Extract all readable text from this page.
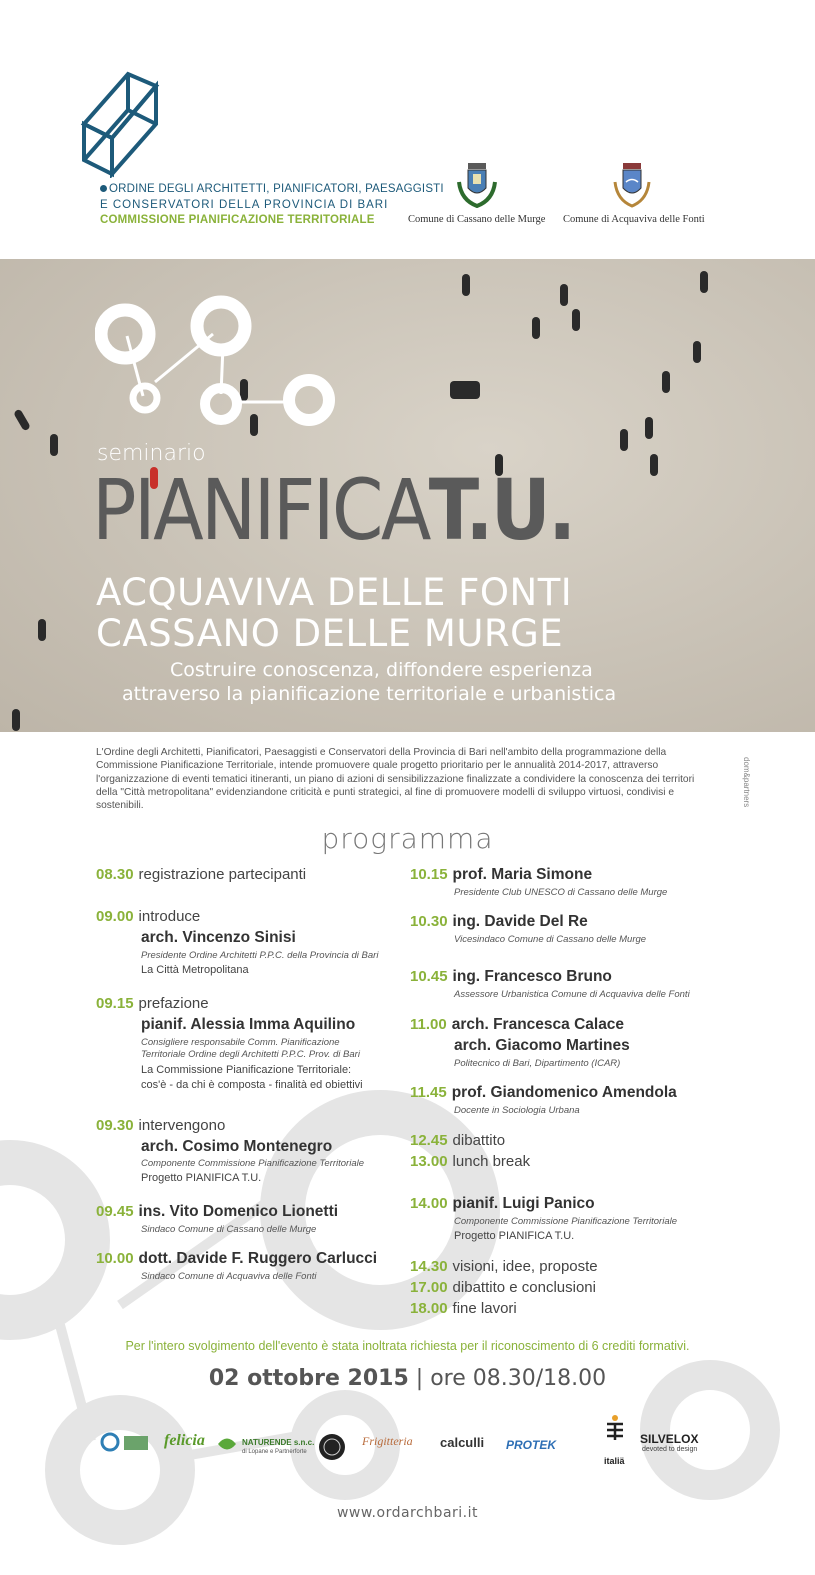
ORDINE DEGLI ARCHITETTI, PIANIFICATORI, PAESAGGISTI
E CONSERVATORI DELLA PROVINCIA DI BARI
COMMISSIONE PIANIFICAZIONE TERRITORIALE	Comune di Cassano delle Murge Comune di Acquaviva delle Fonti
seminario
PIANIFICAT.U.
ACQUAVIVA DELLE FONTI
CASSANO DELLE MURGE
Costruire conoscenza, diffondere esperienza
attraverso la pianificazione territoriale e urbanistica
L'Ordine degli Architetti, Pianificatori, Paesaggisti e Conservatori della Provincia di Bari nell'ambito della programmazione della Commissione Pianificazione Territoriale, intende promuovere quale progetto prioritario per le annualità 2014-2017, attraverso l'organizzazione di eventi tematici itineranti, un piano di azioni di sensibilizzazione finalizzate a condividere la conoscenza dei territori della "Città metropolitana" evidenziandone criticità e punti strategici, al fine di promuovere modelli di sviluppo virtuosi, condivisi e sostenibili.	dom&partners
programma
08.30 registrazione partecipanti
09.00 introduce
arch. Vincenzo Sinisi
Presidente Ordine Architetti P.P.C. della Provincia di Bari
La Città Metropolitana
09.15 prefazione
pianif. Alessia Imma Aquilino
Consigliere responsabile Comm. Pianificazione
Territoriale Ordine degli Architetti P.P.C. Prov. di Bari
La Commissione Pianificazione Territoriale:
cos'è - da chi è composta - finalità ed obiettivi
09.30 intervengono
arch. Cosimo Montenegro
Componente Commissione Pianificazione Territoriale
Progetto PIANIFICA T.U.
09.45 ins. Vito Domenico Lionetti
Sindaco Comune di Cassano delle Murge
10.00 dott. Davide F. Ruggero Carlucci
Sindaco Comune di Acquaviva delle Fonti
10.15 prof. Maria Simone
Presidente Club UNESCO di Cassano delle Murge
10.30 ing. Davide Del Re
Vicesindaco Comune di Cassano delle Murge
10.45 ing. Francesco Bruno
Assessore Urbanistica Comune di Acquaviva delle Fonti
11.00 arch. Francesca Calace
arch. Giacomo Martines
Politecnico di Bari, Dipartimento (ICAR)
11.45 prof. Giandomenico Amendola
Docente in Sociologia Urbana
12.45 dibattito
13.00 lunch break
14.00 pianif. Luigi Panico
Componente Commissione Pianificazione Territoriale
Progetto PIANIFICA T.U.
14.30 visioni, idee, proposte
17.00 dibattito e conclusioni
18.00 fine lavori
Per l'intero svolgimento dell'evento è stata inoltrata richiesta per il riconoscimento di 6 crediti formativi.
02 ottobre 2015 | ore 08.30/18.00
felicia	NATURENDE s.n.c.
di Lopane e Partnerforte
Frigitteria calculli PROTEK
italiä
SILVELOX
devoted to design
www.ordarchbari.it
